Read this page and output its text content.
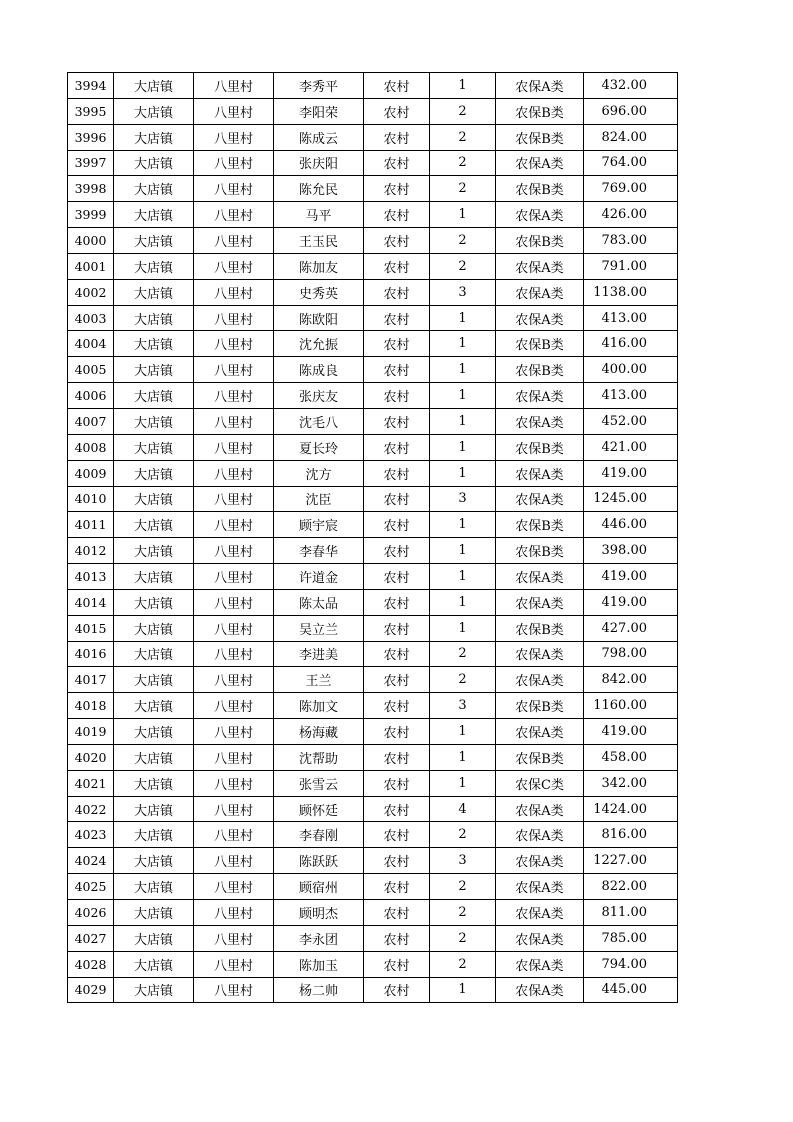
3994	大店镇	八里村	李秀平	农村	1	农保A类	432.00
3995	大店镇	八里村	李阳荣	农村	2	农保B类	696.00
3996	大店镇	八里村	陈成云	农村	2	农保B类	824.00
3997	大店镇	八里村	张庆阳	农村	2	农保A类	764.00
3998	大店镇	八里村	陈允民	农村	2	农保B类	769.00
3999	大店镇	八里村	马平	农村	1	农保A类	426.00
4000	大店镇	八里村	王玉民	农村	2	农保B类	783.00
4001	大店镇	八里村	陈加友	农村	2	农保A类	791.00
4002	大店镇	八里村	史秀英	农村	3	农保A类	1138.00
4003	大店镇	八里村	陈欧阳	农村	1	农保A类	413.00
4004	大店镇	八里村	沈允振	农村	1	农保B类	416.00
4005	大店镇	八里村	陈成良	农村	1	农保B类	400.00
4006	大店镇	八里村	张庆友	农村	1	农保A类	413.00
4007	大店镇	八里村	沈毛八	农村	1	农保A类	452.00
4008	大店镇	八里村	夏长玲	农村	1	农保B类	421.00
4009	大店镇	八里村	沈方	农村	1	农保A类	419.00
4010	大店镇	八里村	沈臣	农村	3	农保A类	1245.00
4011	大店镇	八里村	顾宇宸	农村	1	农保B类	446.00
4012	大店镇	八里村	李春华	农村	1	农保B类	398.00
4013	大店镇	八里村	许道金	农村	1	农保A类	419.00
4014	大店镇	八里村	陈太品	农村	1	农保A类	419.00
4015	大店镇	八里村	吴立兰	农村	1	农保B类	427.00
4016	大店镇	八里村	李进美	农村	2	农保A类	798.00
4017	大店镇	八里村	王兰	农村	2	农保A类	842.00
4018	大店镇	八里村	陈加文	农村	3	农保B类	1160.00
4019	大店镇	八里村	杨海藏	农村	1	农保A类	419.00
4020	大店镇	八里村	沈帮助	农村	1	农保B类	458.00
4021	大店镇	八里村	张雪云	农村	1	农保C类	342.00
4022	大店镇	八里村	顾怀廷	农村	4	农保A类	1424.00
4023	大店镇	八里村	李春刚	农村	2	农保A类	816.00
4024	大店镇	八里村	陈跃跃	农村	3	农保A类	1227.00
4025	大店镇	八里村	顾宿州	农村	2	农保A类	822.00
4026	大店镇	八里村	顾明杰	农村	2	农保A类	811.00
4027	大店镇	八里村	李永团	农村	2	农保A类	785.00
4028	大店镇	八里村	陈加玉	农村	2	农保A类	794.00
4029	大店镇	八里村	杨二帅	农村	1	农保A类	445.00
